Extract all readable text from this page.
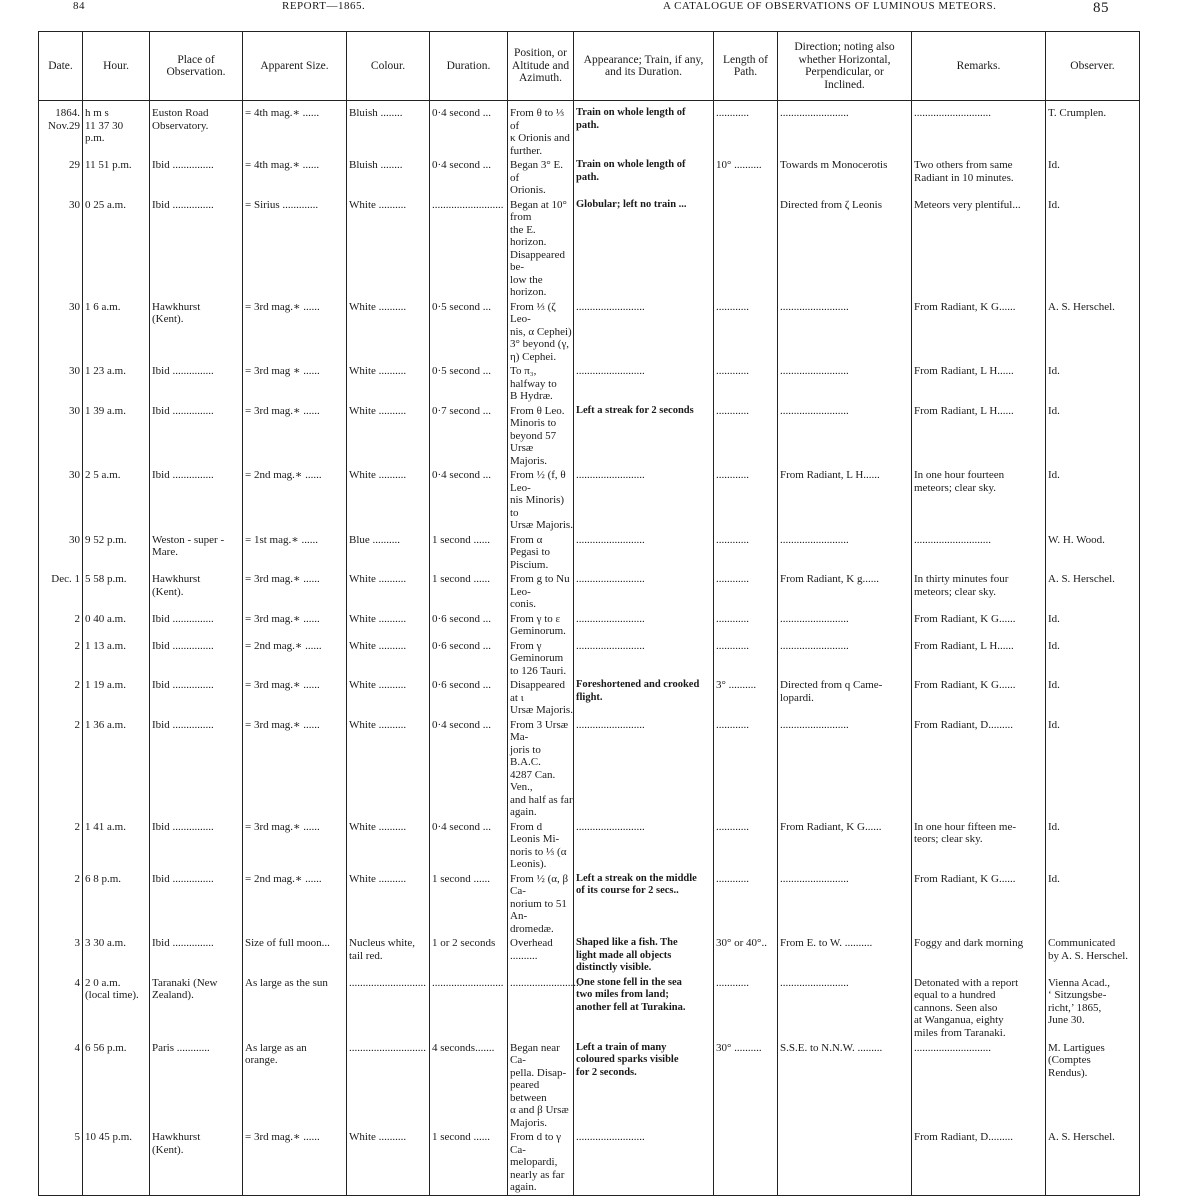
84	REPORT—1865.	A CATALOGUE OF OBSERVATIONS OF LUMINOUS METEORS.	85
Date.	Hour.	Place of
Observation.	Apparent Size.	Colour.	Duration.	Position, or
Altitude and
Azimuth.	Appearance; Train, if any,
and its Duration.	Length of
Path.	Direction; noting also
whether Horizontal,
Perpendicular, or
Inclined.	Remarks.	Observer.
1864.
Nov.29	h m s
11 37 30
p.m.	Euston Road
Observatory.	= 4th mag.∗ ......	Bluish ........	0·4 second ...	From θ to ⅓ of
κ Orionis and
further.	Train on whole length of
path.	............	.........................	............................	T. Crumplen.
29	11 51 p.m.	Ibid ...............	= 4th mag.∗ ......	Bluish ........	0·4 second ...	Began 3° E. of
Orionis.	Train on whole length of
path.	10° ..........	Towards m Monocerotis	Two others from same
Radiant in 10 minutes.	Id.
30	0 25 a.m.	Ibid ...............	= Sirius .............	White ..........	..........................	Began at 10° from
the E. horizon.
Disappeared be-
low the horizon.	Globular; left no train ...		Directed from ζ Leonis	Meteors very plentiful...	Id.
30	1 6 a.m.	Hawkhurst
(Kent).	= 3rd mag.∗ ......	White ..........	0·5 second ...	From ⅓ (ζ Leo-
nis, α Cephei)
3° beyond (γ,
η) Cephei.	.........................	............	.........................	From Radiant, K G......	A. S. Herschel.
30	1 23 a.m.	Ibid ...............	= 3rd mag ∗ ......	White ..........	0·5 second ...	To π₃, halfway to
B Hydræ.	.........................	............	.........................	From Radiant, L H......	Id.
30	1 39 a.m.	Ibid ...............	= 3rd mag.∗ ......	White ..........	0·7 second ...	From θ Leo.
Minoris to
beyond 57 Ursæ
Majoris.	Left a streak for 2 seconds	............	.........................	From Radiant, L H......	Id.
30	2 5 a.m.	Ibid ...............	= 2nd mag.∗ ......	White ..........	0·4 second ...	From ½ (f, θ Leo-
nis Minoris) to
Ursæ Majoris.	.........................	............	From Radiant, L H......	In one hour fourteen
meteors; clear sky.	Id.
30	9 52 p.m.	Weston - super -
Mare.	= 1st mag.∗ ......	Blue ..........	1 second ......	From α Pegasi to
Piscium.	.........................	............	.........................	............................	W. H. Wood.
Dec. 1	5 58 p.m.	Hawkhurst
(Kent).	= 3rd mag.∗ ......	White ..........	1 second ......	From g to Nu Leo-
conis.	.........................	............	From Radiant, K g......	In thirty minutes four
meteors; clear sky.	A. S. Herschel.
2	0 40 a.m.	Ibid ...............	= 3rd mag.∗ ......	White ..........	0·6 second ...	From γ to ε Geminorum.	.........................	............	.........................	From Radiant, K G......	Id.
2	1 13 a.m.	Ibid ...............	= 2nd mag.∗ ......	White ..........	0·6 second ...	From γ Geminorum
to 126 Tauri.	.........................	............	.........................	From Radiant, L H......	Id.
2	1 19 a.m.	Ibid ...............	= 3rd mag.∗ ......	White ..........	0·6 second ...	Disappeared at ι
Ursæ Majoris.	Foreshortened and crooked
flight.	3° ..........	Directed from q Came-
lopardi.	From Radiant, K G......	Id.
2	1 36 a.m.	Ibid ...............	= 3rd mag.∗ ......	White ..........	0·4 second ...	From 3 Ursæ Ma-
joris to B.A.C.
4287 Can. Ven.,
and half as far
again.	.........................	............	.........................	From Radiant, D.........	Id.
2	1 41 a.m.	Ibid ...............	= 3rd mag.∗ ......	White ..........	0·4 second ...	From d Leonis Mi-
noris to ⅓ (α
Leonis).	.........................	............	From Radiant, K G......	In one hour fifteen me-
teors; clear sky.	Id.
2	6 8 p.m.	Ibid ...............	= 2nd mag.∗ ......	White ..........	1 second ......	From ½ (α, β Ca-
norium to 51 An-
dromedæ.	Left a streak on the middle
of its course for 2 secs..	............	.........................	From Radiant, K G......	Id.
3	3 30 a.m.	Ibid ...............	Size of full moon...	Nucleus white,
tail red.	1 or 2 seconds	Overhead ..........	Shaped like a fish. The
light made all objects
distinctly visible.	30° or 40°..	From E. to W. ..........	Foggy and dark morning	Communicated
by A. S. Herschel.
4	2 0 a.m.
(local time).	Taranaki (New
Zealand).	As large as the sun	............................	..........................	..........................	One stone fell in the sea
two miles from land;
another fell at Turakina.	............	.........................	Detonated with a report
equal to a hundred
cannons. Seen also
at Wanganua, eighty
miles from Taranaki.	Vienna Acad.,
‘ Sitzungsbe-
richt,’ 1865,
June 30.
4	6 56 p.m.	Paris ............	As large as an
orange.	............................	4 seconds.......	Began near Ca-
pella. Disap-
peared between
α and β Ursæ
Majoris.	Left a train of many
coloured sparks visible
for 2 seconds.	30° ..........	S.S.E. to N.N.W. .........	............................	M. Lartigues
(Comptes
Rendus).
5	10 45 p.m.	Hawkhurst
(Kent).	= 3rd mag.∗ ......	White ..........	1 second ......	From d to γ Ca-
melopardi,
nearly as far
again.	.........................			From Radiant, D.........	A. S. Herschel.
